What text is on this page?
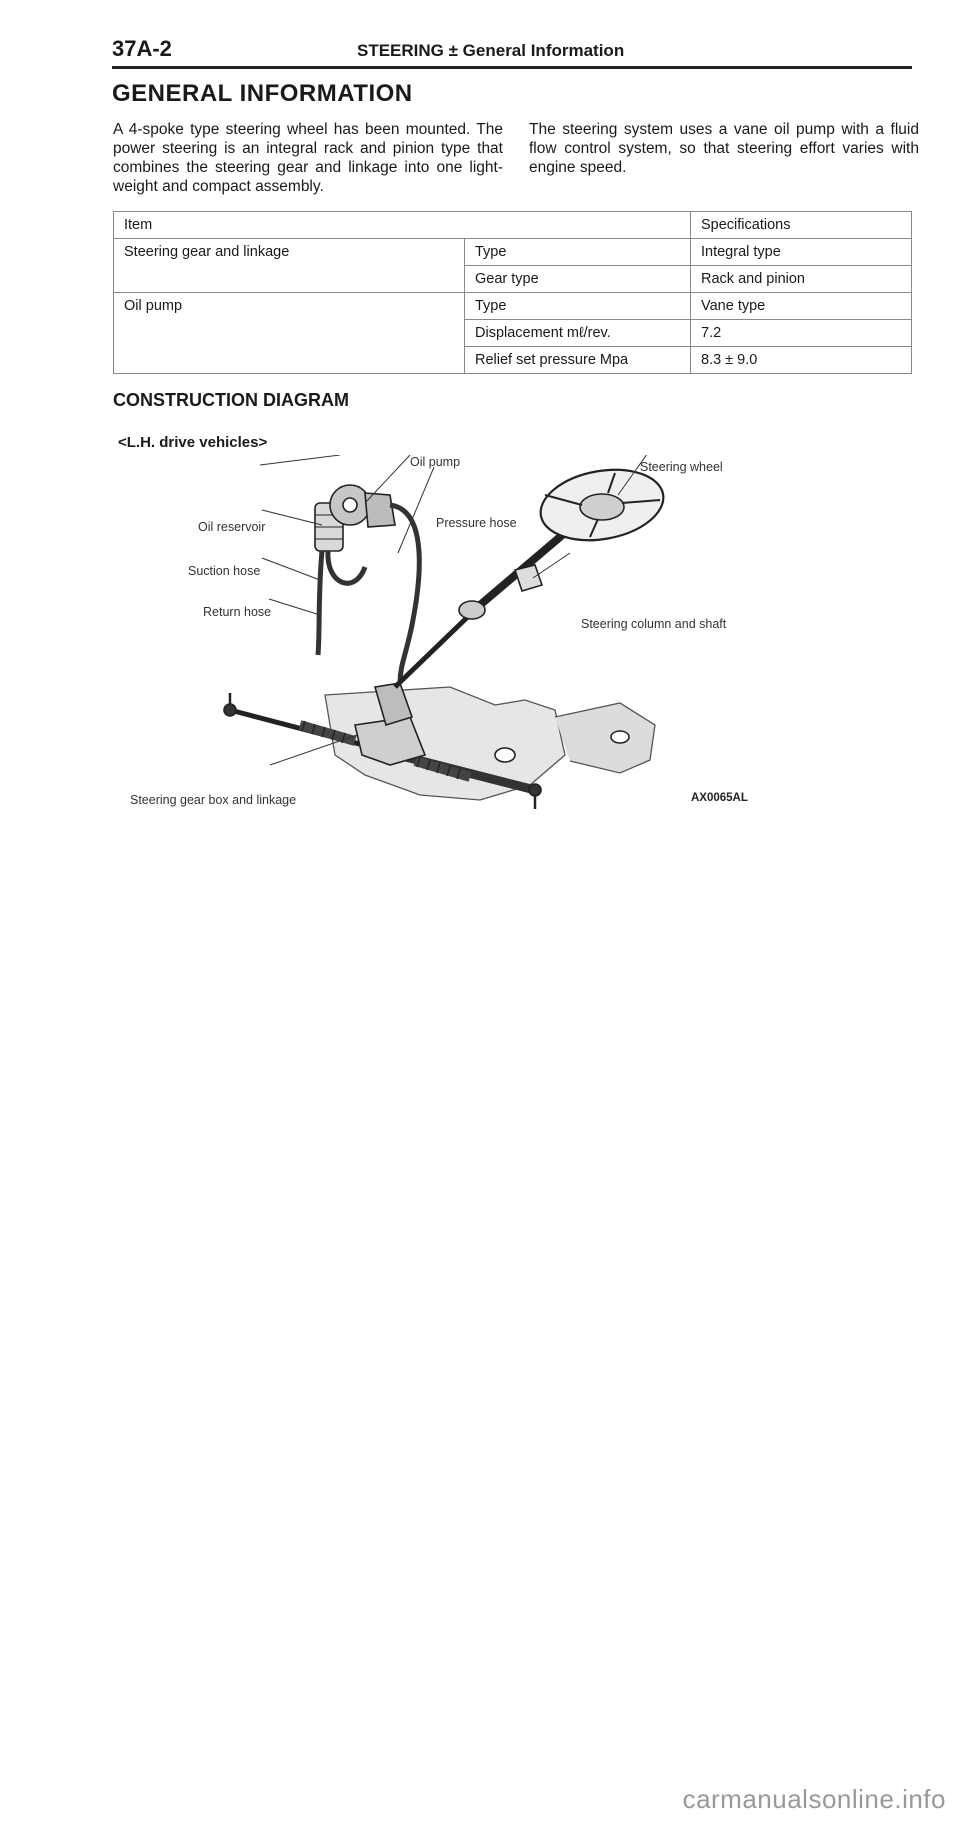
37A-2	STEERING ± General Information
GENERAL INFORMATION
A 4-spoke type steering wheel has been mounted. The power steering is an integral rack and pinion type that combines the steering gear and linkage into one light-weight and compact assembly.
The steering system uses a vane oil pump with a fluid flow control system, so that steering effort varies with engine speed.
Item		Specifications
Steering gear and linkage	Type	Integral type
	Gear type	Rack and pinion
Oil pump	Type	Vane type
	Displacement mℓ/rev.	7.2
	Relief set pressure Mpa	8.3 ± 9.0
CONSTRUCTION DIAGRAM
<L.H. drive vehicles>
Oil pump	Steering wheel
Oil reservoir	Pressure hose
Suction hose
Return hose
Steering column and shaft
Steering gear box and linkage	AX0065AL
carmanualsonline.info
